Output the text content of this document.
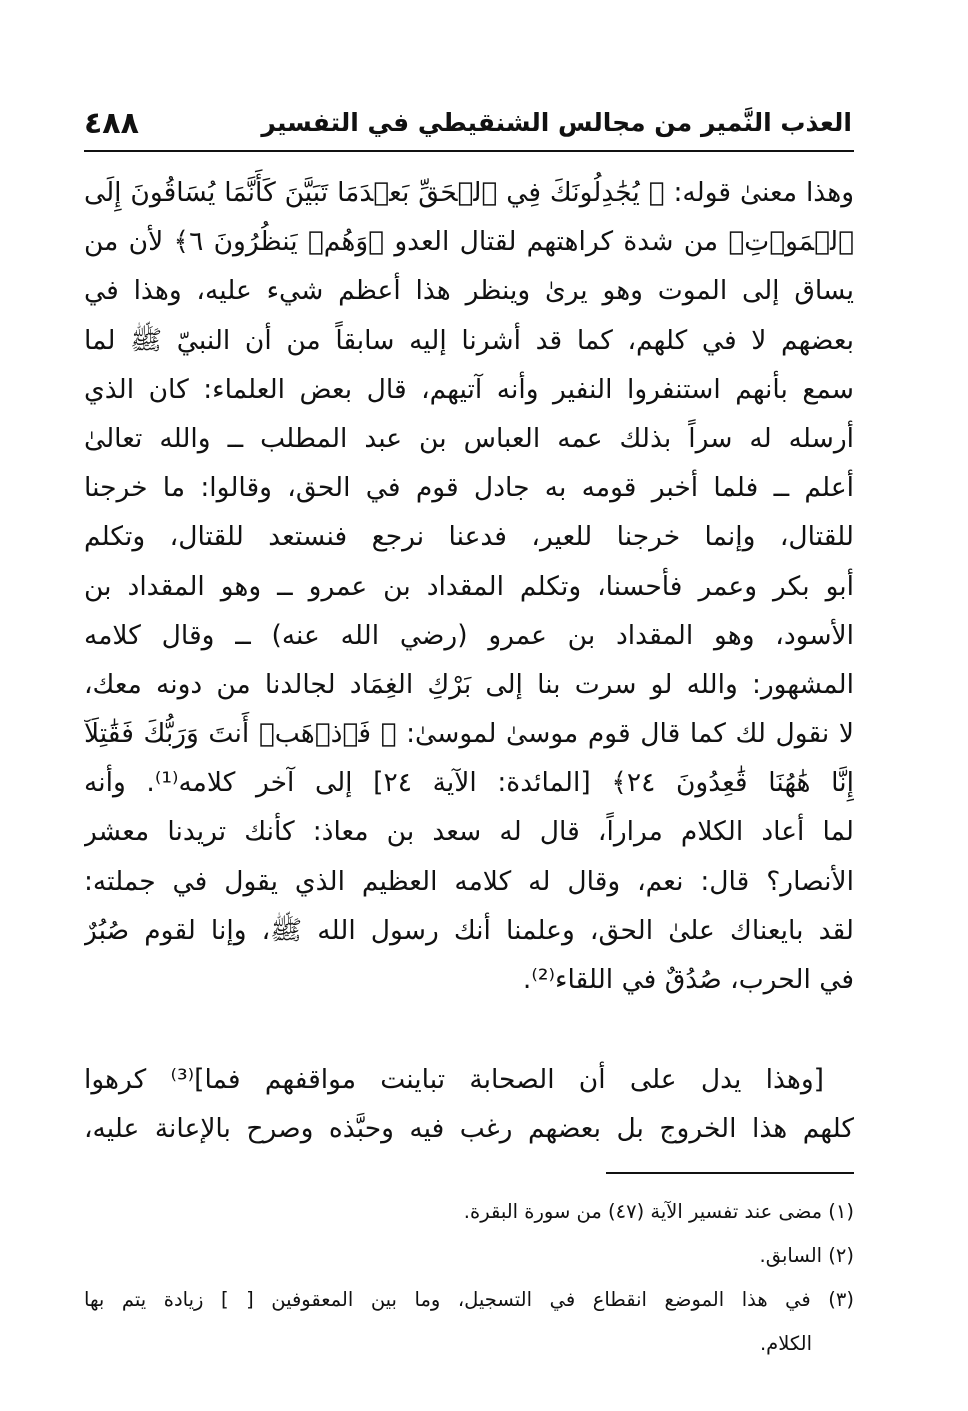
٤٨٨	العذب النَّمير من مجالس الشنقيطي في التفسير
وهذا معنىٰ قوله: ﴿ يُجَٰدِلُونَكَ فِي ٱلۡحَقِّ بَعۡدَمَا تَبَيَّنَ كَأَنَّمَا يُسَاقُونَ إِلَى
ٱلۡمَوۡتِ﴾ من شدة كراهتهم لقتال العدو ﴿وَهُمۡ يَنظُرُونَ ٦﴾ لأن من
يساق إلى الموت وهو يرىٰ وينظر هذا أعظم شيء عليه، وهذا في
بعضهم لا في كلهم، كما قد أشرنا إليه سابقاً من أن النبيّ ﷺ لما
سمع بأنهم استنفروا النفير وأنه آتيهم، قال بعض العلماء: كان الذي
أرسله له سراً بذلك عمه العباس بن عبد المطلب ــ والله تعالىٰ
أعلم ــ فلما أخبر قومه به جادل قوم في الحق، وقالوا: ما خرجنا
للقتال، وإنما خرجنا للعير، فدعنا نرجع فنستعد للقتال، وتكلم
أبو بكر وعمر فأحسنا، وتكلم المقداد بن عمرو ــ وهو المقداد بن
الأسود، وهو المقداد بن عمرو (رضي الله عنه) ــ وقال كلامه
المشهور: والله لو سرت بنا إلى بَرْكِ الغِمَاد لجالدنا من دونه معك،
لا نقول لك كما قال قوم موسىٰ لموسىٰ: ﴿ فَٱذۡهَبۡ أَنتَ وَرَبُّكَ فَقَٰتِلَآ
إِنَّا هَٰهُنَا قَٰعِدُونَ ٢٤﴾ [المائدة: الآية ٢٤] إلى آخر كلامه⁽¹⁾. وأنه
لما أعاد الكلام مراراً، قال له سعد بن معاذ: كأنك تريدنا معشر
الأنصار؟ قال: نعم، وقال له كلامه العظيم الذي يقول في جملته:
لقد بايعناك علىٰ الحق، وعلمنا أنك رسول الله ﷺ، وإنا لقوم صُبُرٌ
في الحرب، صُدُقٌ في اللقاء⁽²⁾.
[وهذا يدل على أن الصحابة تباينت مواقفهم فما]⁽³⁾ كرهوا
كلهم هذا الخروج بل بعضهم رغب فيه وحبَّذه وصرح بالإعانة عليه،
(١) مضى عند تفسير الآية (٤٧) من سورة البقرة.
(٢) السابق.
(٣) في هذا الموضع انقطاع في التسجيل، وما بين المعقوفين [ ] زيادة يتم بها
الكلام.
